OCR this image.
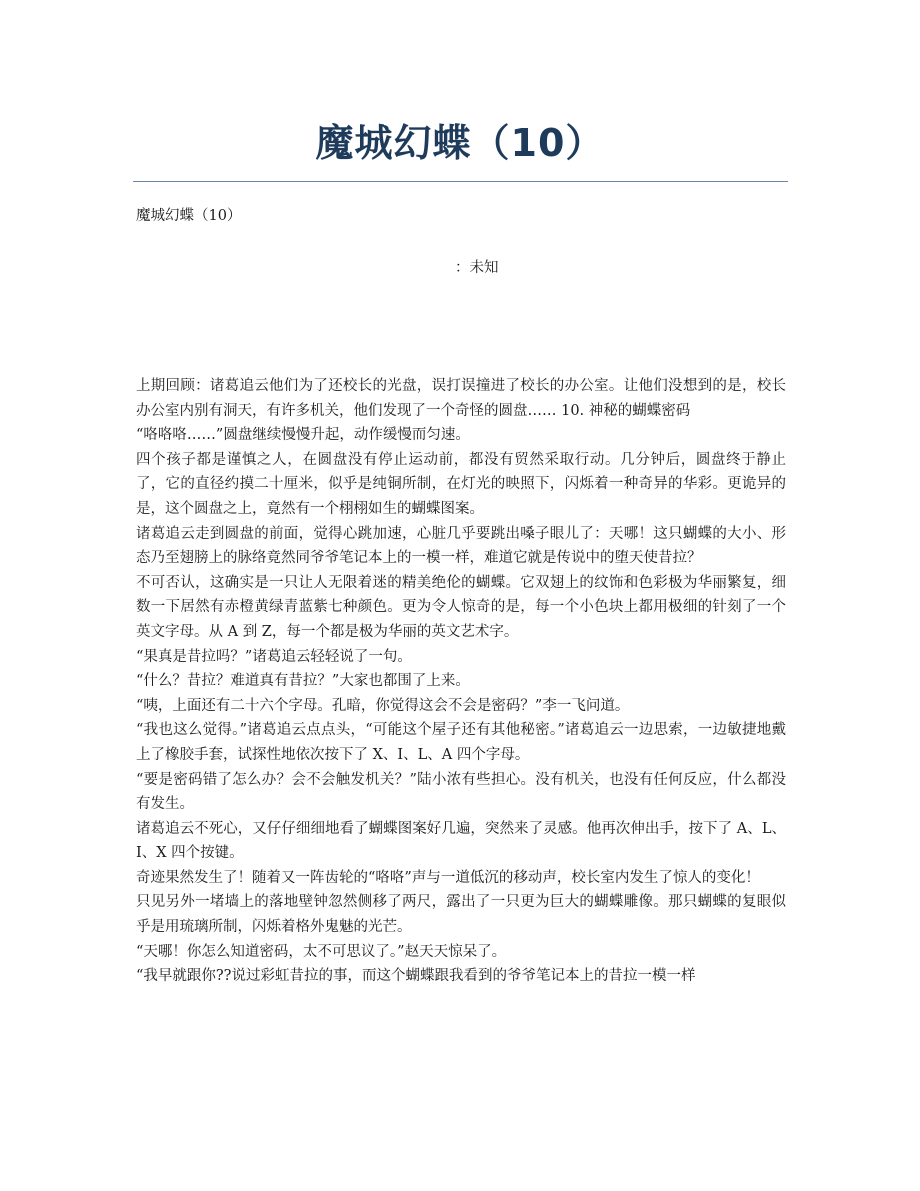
魔城幻蝶（10）
魔城幻蝶（10）
：未知

上期回顾：诸葛追云他们为了还校长的光盘，误打误撞进了校长的办公室。让他们没想到的是，校长办公室内别有洞天，有许多机关，他们发现了一个奇怪的圆盘…… 10. 神秘的蝴蝶密码

“咯咯咯……”圆盘继续慢慢升起，动作缓慢而匀速。

四个孩子都是谨慎之人，在圆盘没有停止运动前，都没有贸然采取行动。几分钟后，圆盘终于静止了，它的直径约摸二十厘米，似乎是纯铜所制，在灯光的映照下，闪烁着一种奇异的华彩。更诡异的是，这个圆盘之上，竟然有一个栩栩如生的蝴蝶图案。

诸葛追云走到圆盘的前面，觉得心跳加速，心脏几乎要跳出嗓子眼儿了：天哪！这只蝴蝶的大小、形态乃至翅膀上的脉络竟然同爷爷笔记本上的一模一样，难道它就是传说中的堕天使昔拉？

不可否认，这确实是一只让人无限着迷的精美绝伦的蝴蝶。它双翅上的纹饰和色彩极为华丽繁复，细数一下居然有赤橙黄绿青蓝紫七种颜色。更为令人惊奇的是，每一个小色块上都用极细的针刻了一个英文字母。从 A 到 Z，每一个都是极为华丽的英文艺术字。

“果真是昔拉吗？”诸葛追云轻轻说了一句。

“什么？昔拉？难道真有昔拉？”大家也都围了上来。

“咦，上面还有二十六个字母。孔暗，你觉得这会不会是密码？”李一飞问道。

“我也这么觉得。”诸葛追云点点头，“可能这个屋子还有其他秘密。”诸葛追云一边思索，一边敏捷地戴上了橡胶手套，试探性地依次按下了 X、I、L、A 四个字母。

“要是密码错了怎么办？会不会触发机关？”陆小浓有些担心。没有机关，也没有任何反应，什么都没有发生。

诸葛追云不死心，又仔仔细细地看了蝴蝶图案好几遍，突然来了灵感。他再次伸出手，按下了 A、L、I、X 四个按键。

奇迹果然发生了！随着又一阵齿轮的“咯咯”声与一道低沉的移动声，校长室内发生了惊人的变化！

只见另外一堵墙上的落地壁钟忽然侧移了两尺，露出了一只更为巨大的蝴蝶雕像。那只蝴蝶的复眼似乎是用琉璃所制，闪烁着格外鬼魅的光芒。

“天哪！你怎么知道密码，太不可思议了。”赵天天惊呆了。

“我早就跟你??说过彩虹昔拉的事，而这个蝴蝶跟我看到的爷爷笔记本上的昔拉一模一样
